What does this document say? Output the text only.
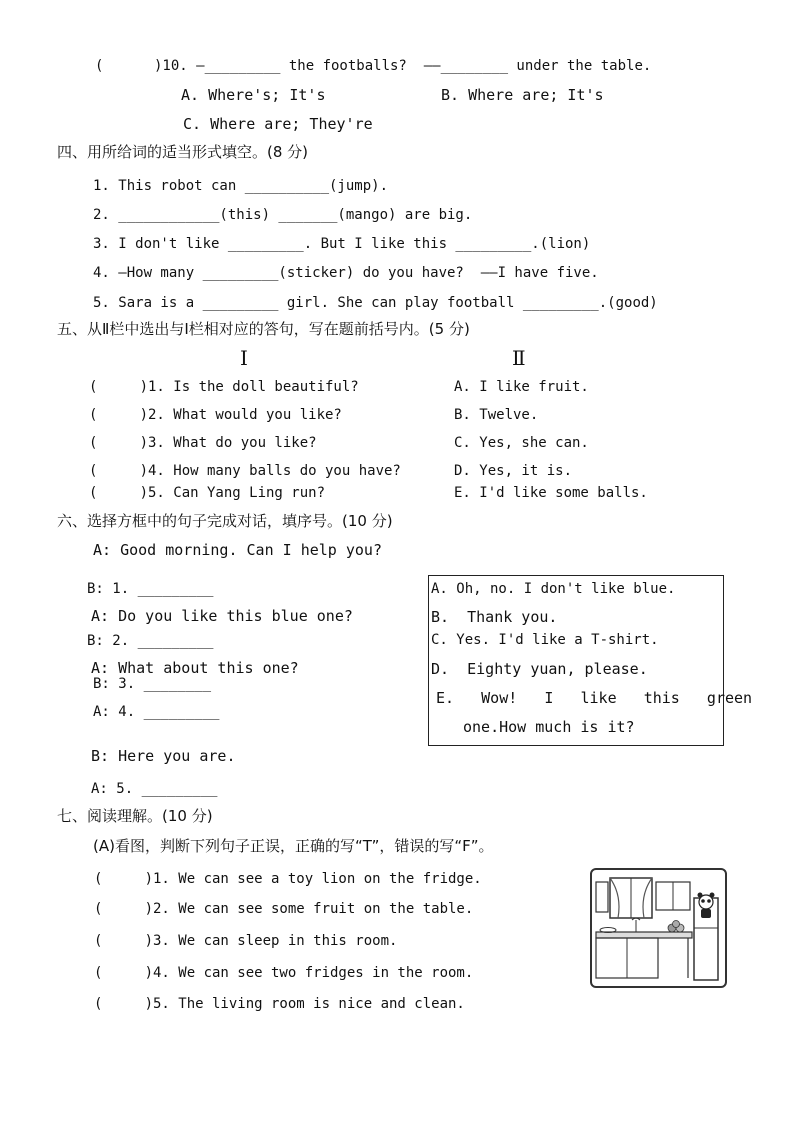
(      )10. —_________ the footballs?  ——________ under the table.
A. Where's; It's	B. Where are; It's
C. Where are; They're
四、用所给词的适当形式填空。(8 分)
1. This robot can __________(jump).
2. ____________(this) _______(mango) are big.
3. I don't like _________. But I like this _________.(lion)
4. —How many _________(sticker) do you have?  ——I have five.
5. Sara is a _________ girl. She can play football _________.(good)
五、从Ⅱ栏中选出与Ⅰ栏相对应的答句，写在题前括号内。(5 分)
Ⅰ	Ⅱ
(     )1. Is the doll beautiful?
(     )2. What would you like?
(     )3. What do you like?
(     )4. How many balls do you have?
(     )5. Can Yang Ling run?
A. I like fruit.
B. Twelve.
C. Yes, she can.
D. Yes, it is.
E. I'd like some balls.
六、选择方框中的句子完成对话，填序号。(10 分)
A: Good morning. Can I help you?
B: 1. _________
A: Do you like this blue one?
B: 2. _________
A: What about this one?
B: 3. ________
A: 4. _________
B: Here you are.
A: 5. _________
A. Oh, no. I don't like blue.
B.  Thank you.
C. Yes. I'd like a T-shirt.
D.  Eighty yuan, please.
E.   Wow!   I   like   this   green
one.How much is it?
七、阅读理解。(10 分)
(A)看图，判断下列句子正误，正确的写“T”，错误的写“F”。
(     )1. We can see a toy lion on the fridge.
(     )2. We can see some fruit on the table.
(     )3. We can sleep in this room.
(     )4. We can see two fridges in the room.
(     )5. The living room is nice and clean.
